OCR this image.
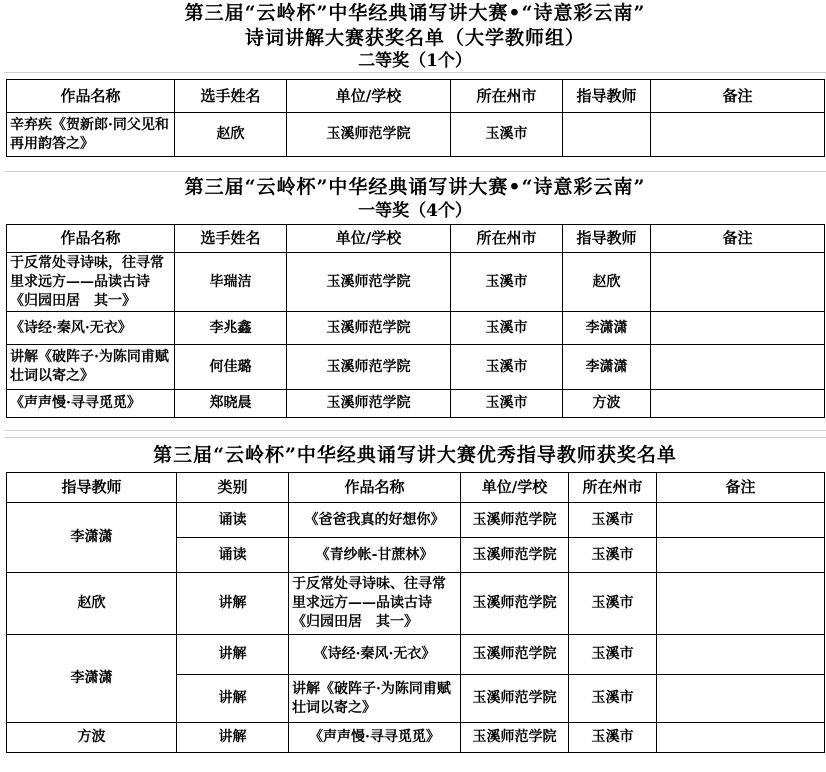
第三届“云岭杯”中华经典诵写讲大赛•“诗意彩云南”
诗词讲解大赛获奖名单（大学教师组）
二等奖（1个）
作品名称	选手姓名	单位/学校	所在州市	指导教师	备注
辛弃疾《贺新郎·同父见和再用韵答之》	赵欣	玉溪师范学院	玉溪市		
第三届“云岭杯”中华经典诵写讲大赛•“诗意彩云南”
一等奖（4个）
作品名称	选手姓名	单位/学校	所在州市	指导教师	备注
于反常处寻诗味，往寻常里求远方——品读古诗《归园田居　其一》	毕瑞洁	玉溪师范学院	玉溪市	赵欣	
《诗经·秦风·无衣》	李兆鑫	玉溪师范学院	玉溪市	李潇潇	
讲解《破阵子·为陈同甫赋壮词以寄之》	何佳璐	玉溪师范学院	玉溪市	李潇潇	
《声声慢·寻寻觅觅》	郑晓晨	玉溪师范学院	玉溪市	方波	
第三届“云岭杯”中华经典诵写讲大赛优秀指导教师获奖名单
指导教师	类别	作品名称	单位/学校	所在州市	备注
李潇潇	诵读	《爸爸我真的好想你》	玉溪师范学院	玉溪市	
	诵读	《青纱帐-甘蔗林》	玉溪师范学院	玉溪市	
赵欣	讲解	于反常处寻诗味、往寻常里求远方——品读古诗《归园田居　其一》	玉溪师范学院	玉溪市	
李潇潇	讲解	《诗经·秦风·无衣》	玉溪师范学院	玉溪市	
	讲解	讲解《破阵子·为陈同甫赋壮词以寄之》	玉溪师范学院	玉溪市	
方波	讲解	《声声慢·寻寻觅觅》	玉溪师范学院	玉溪市	
